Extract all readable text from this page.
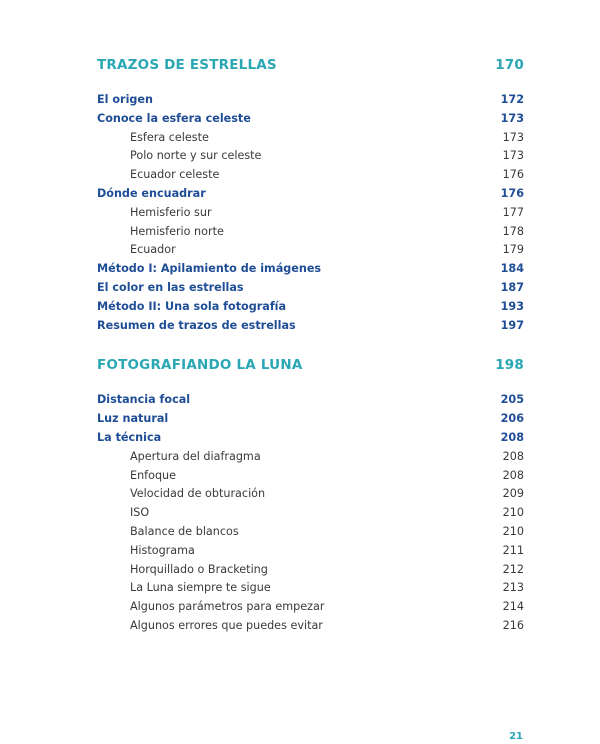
TRAZOS DE ESTRELLAS	170
El origen	172
Conoce la esfera celeste	173
Esfera celeste	173
Polo norte y sur celeste	173
Ecuador celeste	176
Dónde encuadrar	176
Hemisferio sur	177
Hemisferio norte	178
Ecuador	179
Método I: Apilamiento de imágenes	184
El color en las estrellas	187
Método II: Una sola fotografía	193
Resumen de trazos de estrellas	197
FOTOGRAFIANDO LA LUNA	198
Distancia focal	205
Luz natural	206
La técnica	208
Apertura del diafragma	208
Enfoque	208
Velocidad de obturación	209
ISO	210
Balance de blancos	210
Histograma	211
Horquillado o Bracketing	212
La Luna siempre te sigue	213
Algunos parámetros para empezar	214
Algunos errores que puedes evitar	216
21
